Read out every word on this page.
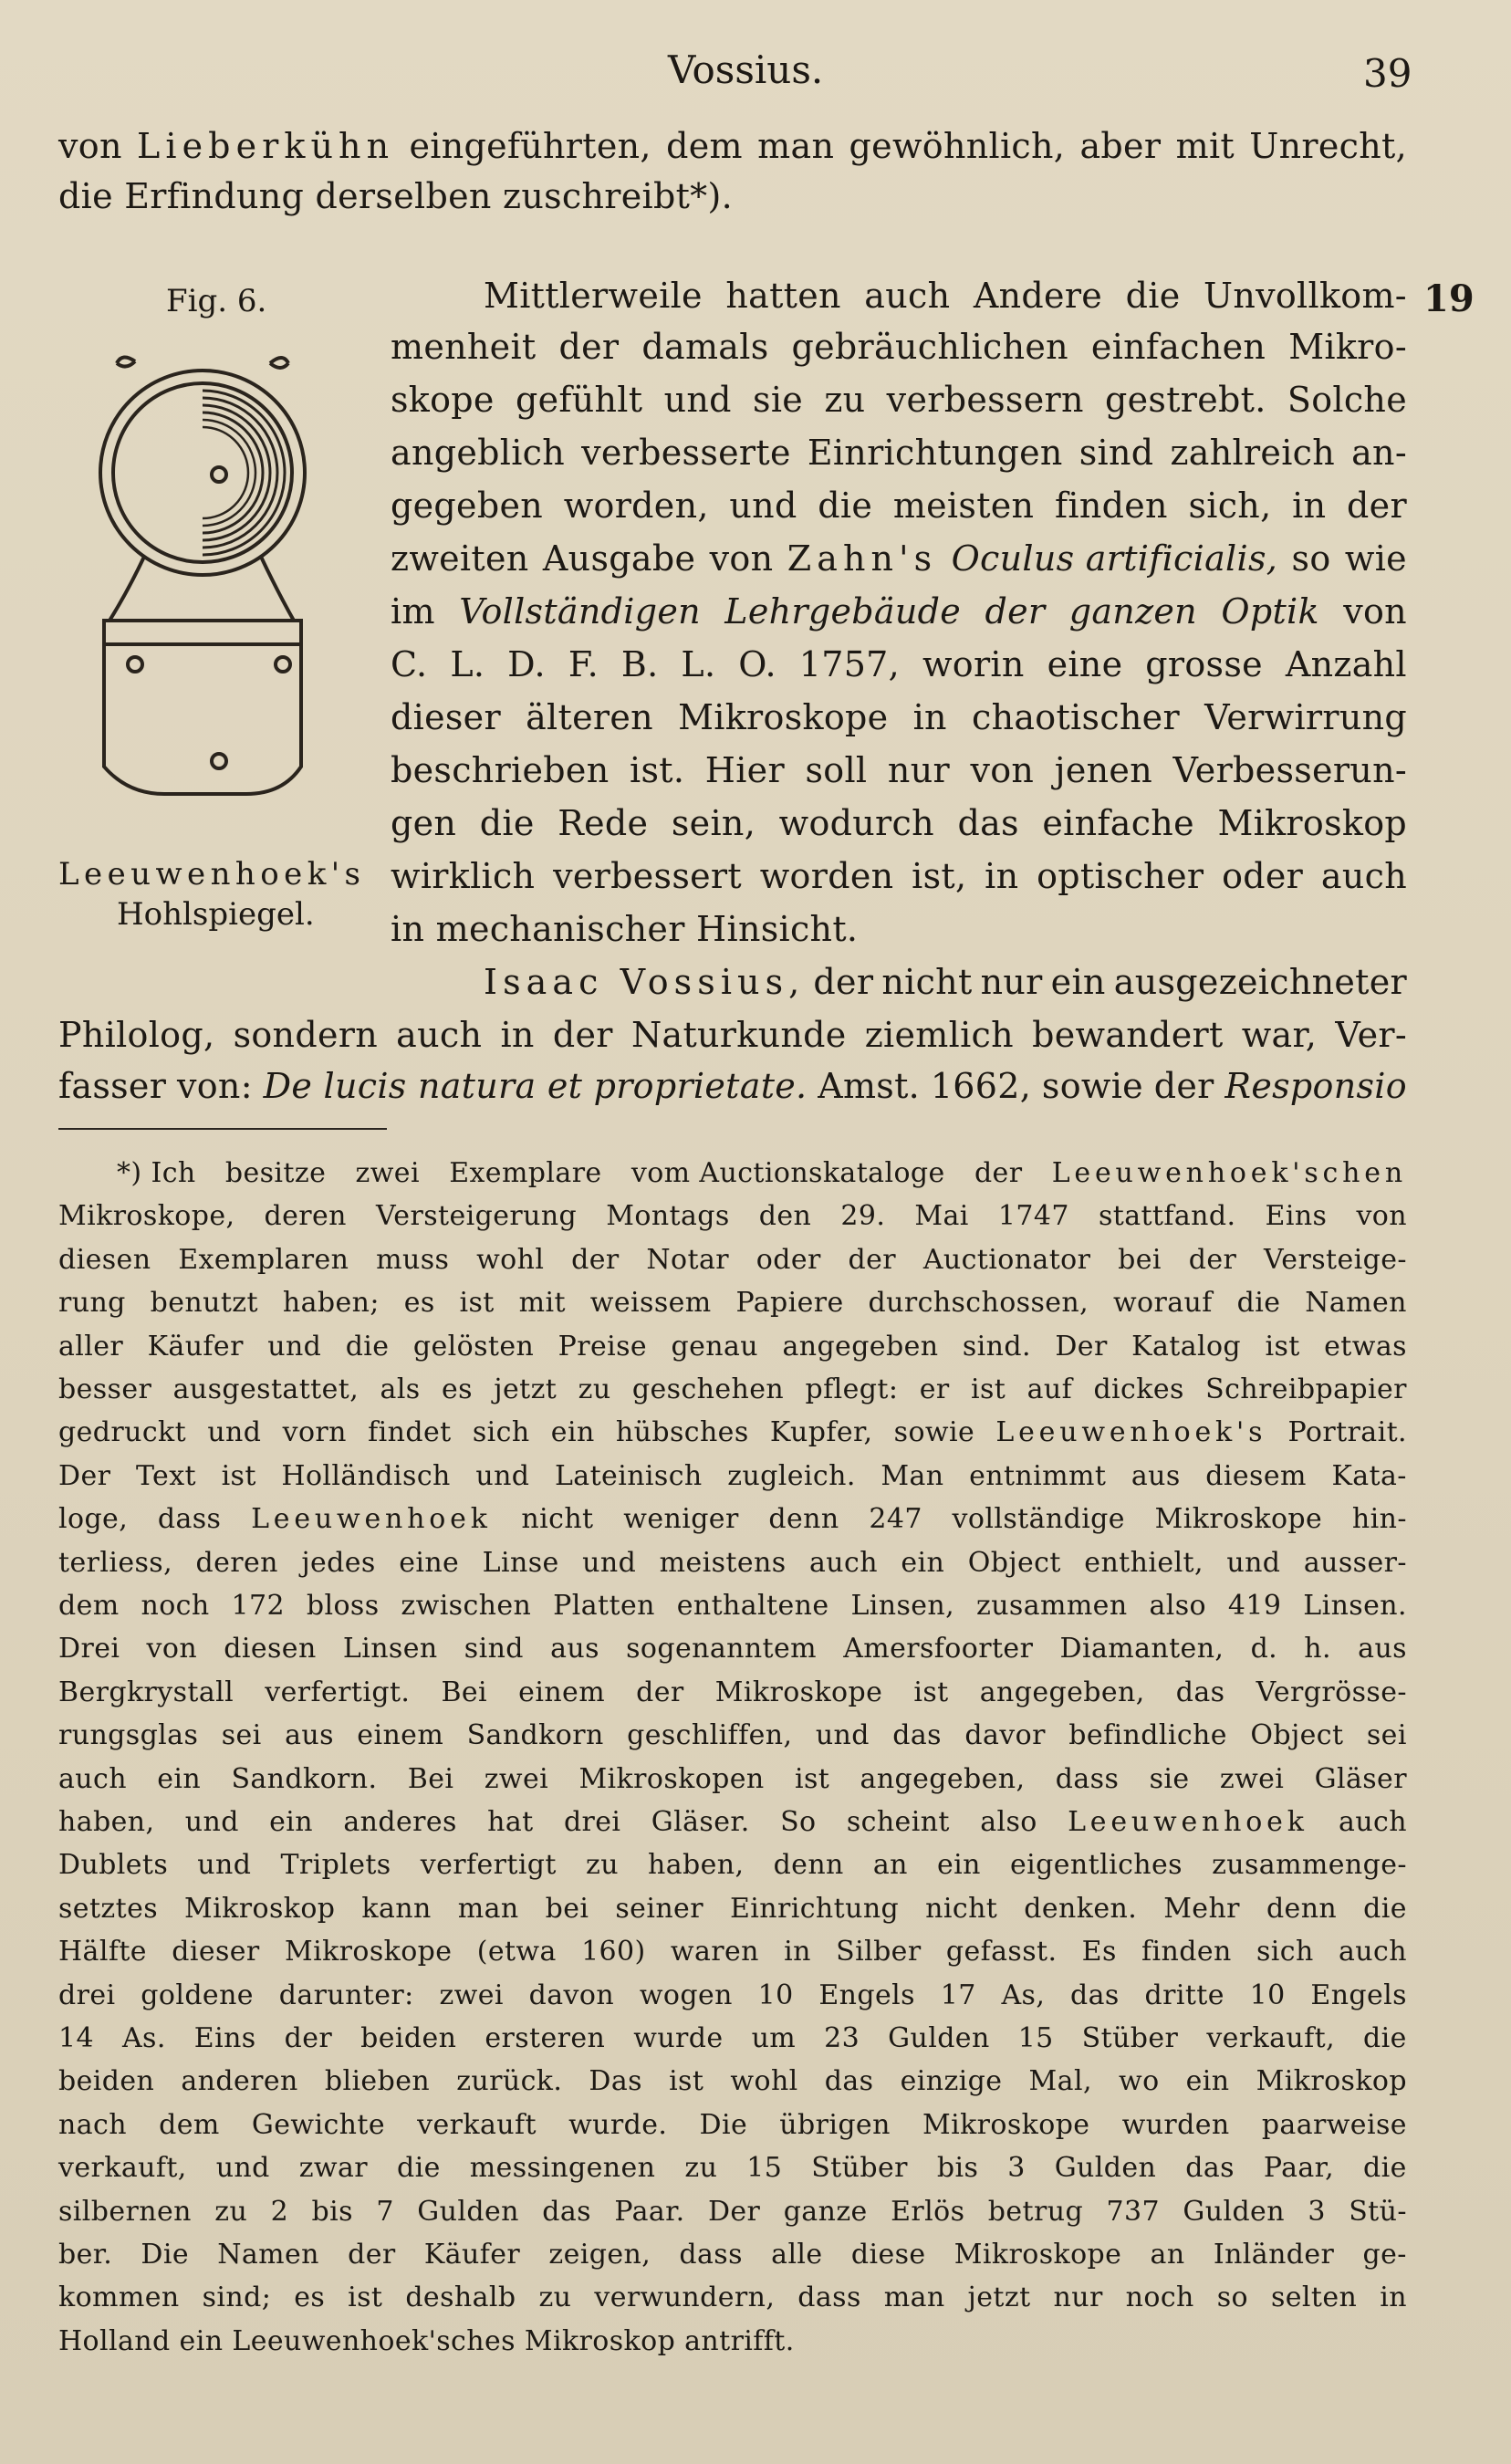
Vossius.	39
19
von Lieberkühn eingeführten, dem man gewöhnlich, aber mit Unrecht,
die Erfindung derselben zuschreibt*).
Fig. 6.
Leeuwenhoek's
Hohlspiegel.
Mittlerweile hatten auch Andere die Unvollkom-
menheit der damals gebräuchlichen einfachen Mikro-
skope gefühlt und sie zu verbessern gestrebt. Solche
angeblich verbesserte Einrichtungen sind zahlreich an-
gegeben worden, und die meisten finden sich, in der
zweiten Ausgabe von Zahn's Oculus artificialis, so wie
im Vollständigen Lehrgebäude der ganzen Optik von
C. L. D. F. B. L. O. 1757, worin eine grosse Anzahl
dieser älteren Mikroskope in chaotischer Verwirrung
beschrieben ist. Hier soll nur von jenen Verbesserun-
gen die Rede sein, wodurch das einfache Mikroskop
wirklich verbessert worden ist, in optischer oder auch
in mechanischer Hinsicht.
Isaac Vossius, der nicht nur ein ausgezeichneter
Philolog, sondern auch in der Naturkunde ziemlich bewandert war, Ver-
fasser von: De lucis natura et proprietate. Amst. 1662, sowie der Responsio
*) Ich besitze zwei Exemplare vom Auctionskataloge der Leeuwenhoek'schen
Mikroskope, deren Versteigerung Montags den 29. Mai 1747 stattfand. Eins von
diesen Exemplaren muss wohl der Notar oder der Auctionator bei der Versteige-
rung benutzt haben; es ist mit weissem Papiere durchschossen, worauf die Namen
aller Käufer und die gelösten Preise genau angegeben sind. Der Katalog ist etwas
besser ausgestattet, als es jetzt zu geschehen pflegt: er ist auf dickes Schreibpapier
gedruckt und vorn findet sich ein hübsches Kupfer, sowie Leeuwenhoek's Portrait.
Der Text ist Holländisch und Lateinisch zugleich. Man entnimmt aus diesem Kata-
loge, dass Leeuwenhoek nicht weniger denn 247 vollständige Mikroskope hin-
terliess, deren jedes eine Linse und meistens auch ein Object enthielt, und ausser-
dem noch 172 bloss zwischen Platten enthaltene Linsen, zusammen also 419 Linsen.
Drei von diesen Linsen sind aus sogenanntem Amersfoorter Diamanten, d. h. aus
Bergkrystall verfertigt. Bei einem der Mikroskope ist angegeben, das Vergrösse-
rungsglas sei aus einem Sandkorn geschliffen, und das davor befindliche Object sei
auch ein Sandkorn. Bei zwei Mikroskopen ist angegeben, dass sie zwei Gläser
haben, und ein anderes hat drei Gläser. So scheint also Leeuwenhoek auch
Dublets und Triplets verfertigt zu haben, denn an ein eigentliches zusammenge-
setztes Mikroskop kann man bei seiner Einrichtung nicht denken. Mehr denn die
Hälfte dieser Mikroskope (etwa 160) waren in Silber gefasst. Es finden sich auch
drei goldene darunter: zwei davon wogen 10 Engels 17 As, das dritte 10 Engels
14 As. Eins der beiden ersteren wurde um 23 Gulden 15 Stüber verkauft, die
beiden anderen blieben zurück. Das ist wohl das einzige Mal, wo ein Mikroskop
nach dem Gewichte verkauft wurde. Die übrigen Mikroskope wurden paarweise
verkauft, und zwar die messingenen zu 15 Stüber bis 3 Gulden das Paar, die
silbernen zu 2 bis 7 Gulden das Paar. Der ganze Erlös betrug 737 Gulden 3 Stü-
ber. Die Namen der Käufer zeigen, dass alle diese Mikroskope an Inländer ge-
kommen sind; es ist deshalb zu verwundern, dass man jetzt nur noch so selten in
Holland ein Leeuwenhoek'sches Mikroskop antrifft.
